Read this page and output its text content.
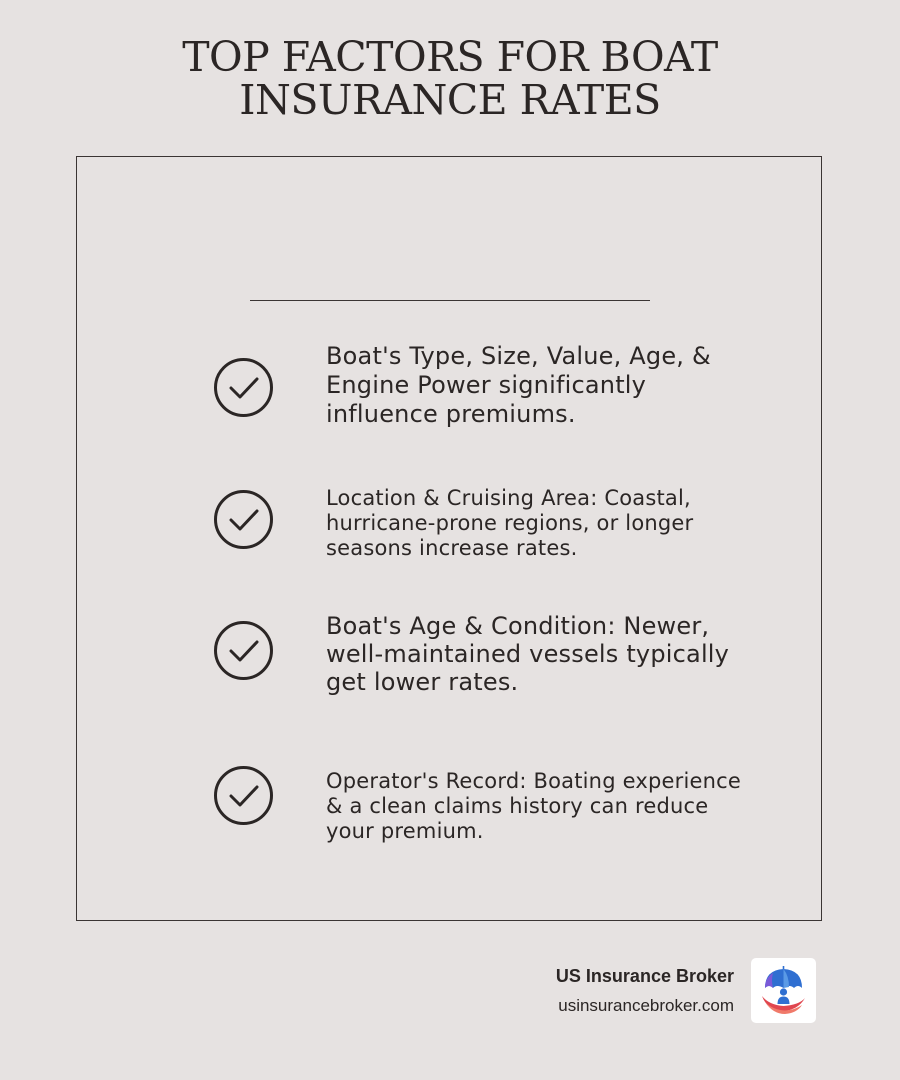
TOP FACTORS FOR BOAT INSURANCE RATES
Boat's Type, Size, Value, Age, & Engine Power significantly influence premiums.
Location & Cruising Area: Coastal, hurricane-prone regions, or longer seasons increase rates.
Boat's Age & Condition: Newer, well-maintained vessels typically get lower rates.
Operator's Record: Boating experience & a clean claims history can reduce your premium.
US Insurance Broker
usinsurancebroker.com
